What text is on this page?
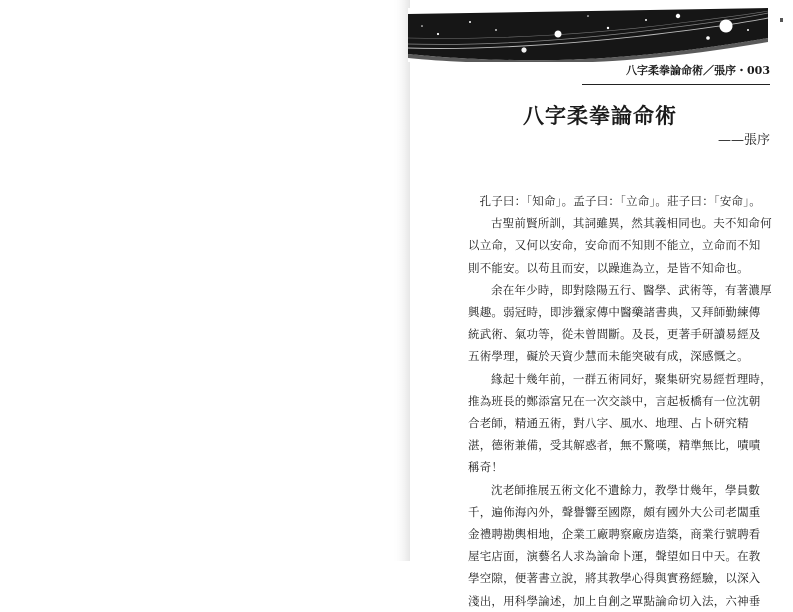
八字柔拳論命術／張序・003
八字柔拳論命術
——張序

孔子曰：「知命」。孟子曰：「立命」。莊子曰：「安命」。

古聖前賢所訓，其詞雖異，然其義相同也。夫不知命何以立命，又何以安命，安命而不知則不能立，立命而不知則不能安。以苟且而安，以躁進為立，是皆不知命也。

余在年少時，即對陰陽五行、醫學、武術等，有著濃厚興趣。弱冠時，即涉獵家傳中醫藥諸書典，又拜師勤練傳統武術、氣功等，從未曾間斷。及長，更著手研讀易經及五術學理，礙於天資少慧而未能突破有成，深感慨之。

緣起十幾年前，一群五術同好，聚集研究易經哲理時，推為班長的鄭添富兄在一次交談中，言起板橋有一位沈朝合老師，精通五術，對八字、風水、地理、占卜研究精湛，德術兼備，受其解惑者，無不驚嘆，精準無比，嘖嘖稱奇！

沈老師推展五術文化不遺餘力，教學廿幾年，學員數千，遍佈海內外，聲譽響至國際，頗有國外大公司老闆重金禮聘勘輿相地，企業工廠聘察廠房造築，商業行號聘看屋宅店面，演藝名人求為論命卜運，聲望如日中天。在教學空隙，便著書立說，將其教學心得與實務經驗，以深入淺出，用科學論述，加上自創之單點論命切入法，六神垂
